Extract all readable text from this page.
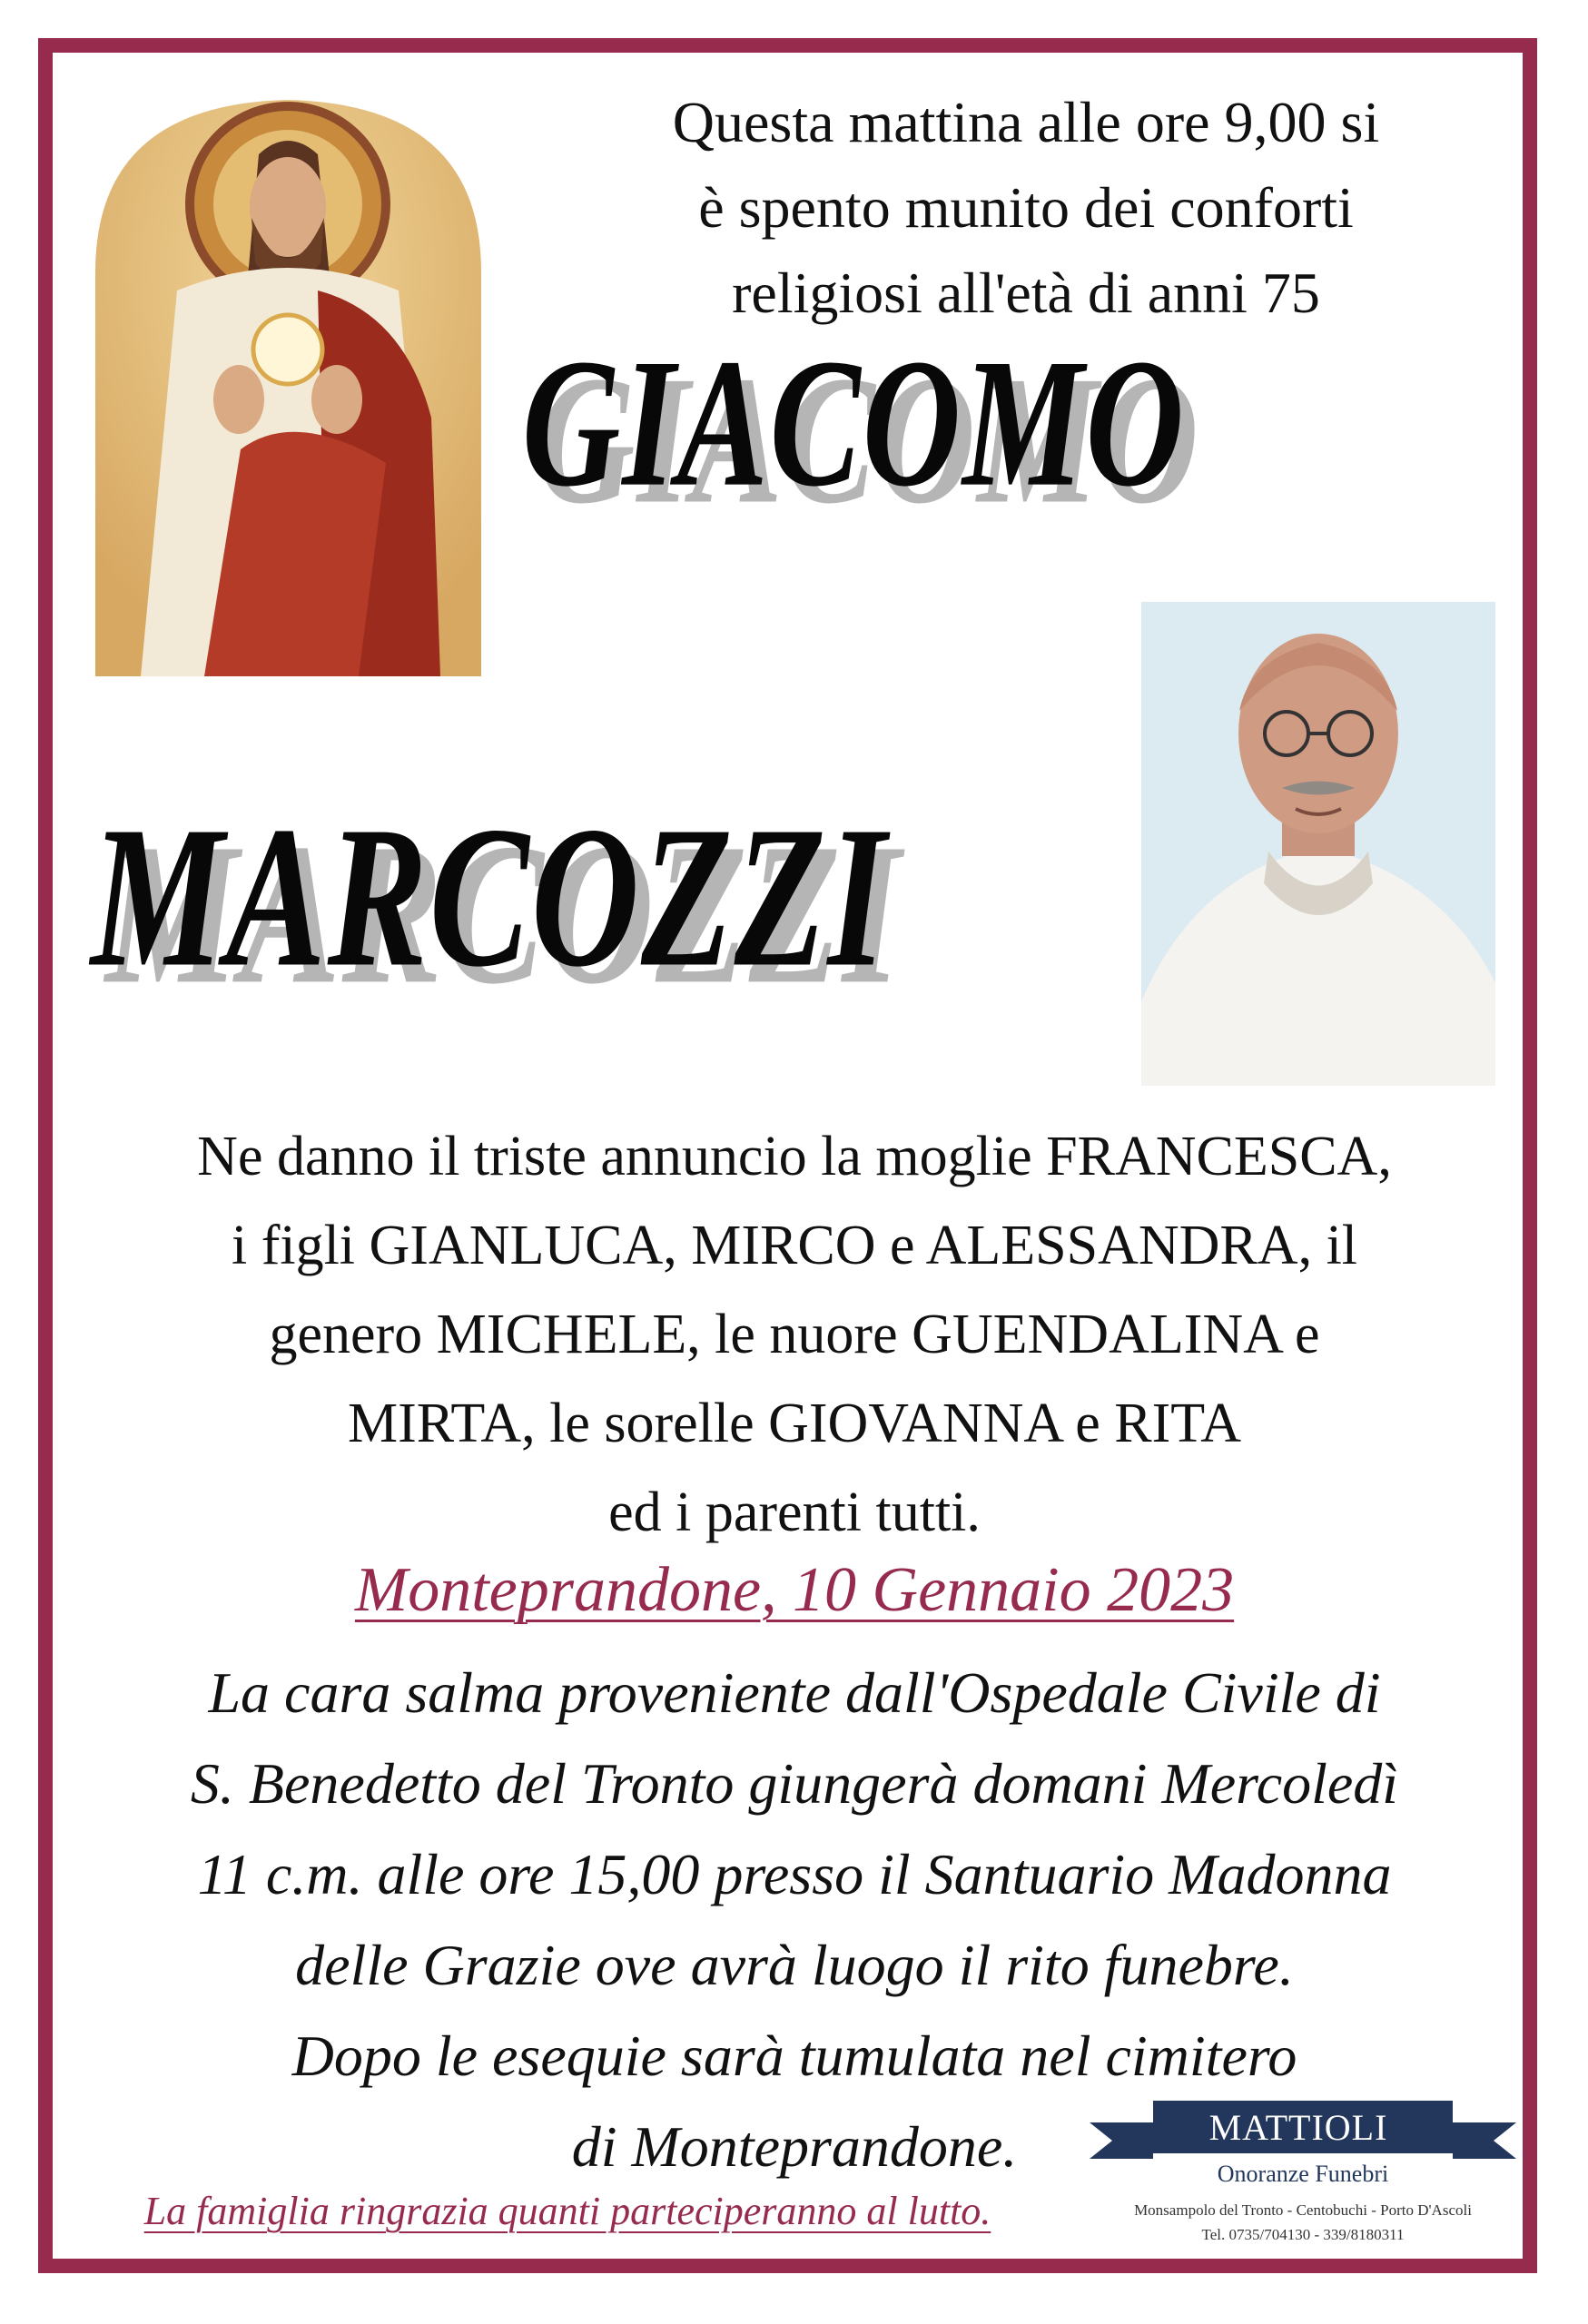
Questa mattina alle ore 9,00 si
è spento munito dei conforti
religiosi all'età di anni 75
GIACOMO
MARCOZZI
Ne danno il triste annuncio la moglie FRANCESCA,
i figli GIANLUCA, MIRCO e ALESSANDRA, il
genero MICHELE, le nuore GUENDALINA e
MIRTA, le sorelle GIOVANNA e RITA
ed i parenti tutti.
Monteprandone, 10 Gennaio 2023
La cara salma proveniente dall'Ospedale Civile di
S. Benedetto del Tronto giungerà domani Mercoledì
11 c.m. alle ore 15,00 presso il Santuario Madonna
delle Grazie ove avrà luogo il rito funebre.
Dopo le esequie sarà tumulata nel cimitero
di Monteprandone.
La famiglia ringrazia quanti parteciperanno al lutto.
MATTIOLI
Onoranze Funebri
Monsampolo del Tronto - Centobuchi - Porto D'Ascoli
Tel. 0735/704130 - 339/8180311
